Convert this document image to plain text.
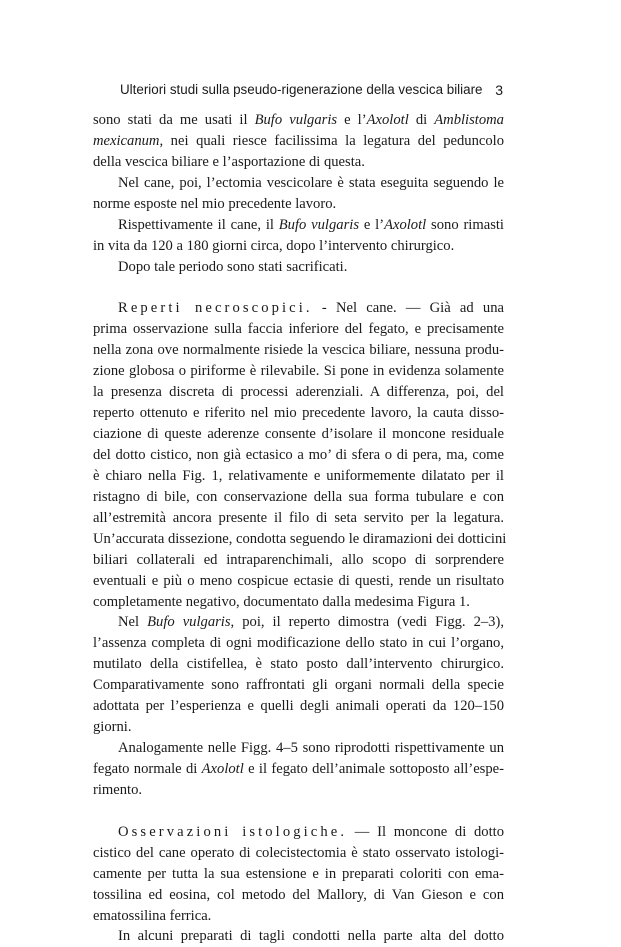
Ulteriori studi sulla pseudo-rigenerazione della vescica biliare 3
sono stati da me usati il Bufo vulgaris e l’Axolotl di Amblistoma
mexicanum, nei quali riesce facilissima la legatura del peduncolo
della vescica biliare e l’asportazione di questa.
Nel cane, poi, l’ectomia vescicolare è stata eseguita seguendo le
norme esposte nel mio precedente lavoro.
Rispettivamente il cane, il Bufo vulgaris e l’Axolotl sono rimasti
in vita da 120 a 180 giorni circa, dopo l’intervento chirurgico.
Dopo tale periodo sono stati sacrificati.
Reperti necroscopici. - Nel cane. — Già ad una
prima osservazione sulla faccia inferiore del fegato, e precisamente
nella zona ove normalmente risiede la vescica biliare, nessuna produ-
zione globosa o piriforme è rilevabile. Si pone in evidenza solamente
la presenza discreta di processi aderenziali. A differenza, poi, del
reperto ottenuto e riferito nel mio precedente lavoro, la cauta disso-
ciazione di queste aderenze consente d’isolare il moncone residuale
del dotto cistico, non già ectasico a mo’ di sfera o di pera, ma, come
è chiaro nella Fig. 1, relativamente e uniformemente dilatato per il
ristagno di bile, con conservazione della sua forma tubulare e con
all’estremità ancora presente il filo di seta servito per la legatura.
Un’accurata dissezione, condotta seguendo le diramazioni dei dotticini
biliari collaterali ed intraparenchimali, allo scopo di sorprendere
eventuali e più o meno cospicue ectasie di questi, rende un risultato
completamente negativo, documentato dalla medesima Figura 1.
Nel Bufo vulgaris, poi, il reperto dimostra (vedi Figg. 2–3),
l’assenza completa di ogni modificazione dello stato in cui l’organo,
mutilato della cistifellea, è stato posto dall’intervento chirurgico.
Comparativamente sono raffrontati gli organi normali della specie
adottata per l’esperienza e quelli degli animali operati da 120–150
giorni.
Analogamente nelle Figg. 4–5 sono riprodotti rispettivamente un
fegato normale di Axolotl e il fegato dell’animale sottoposto all’espe-
rimento.
Osservazioni istologiche. — Il moncone di dotto
cistico del cane operato di colecistectomia è stato osservato istologi-
camente per tutta la sua estensione e in preparati coloriti con ema-
tossilina ed eosina, col metodo del Mallory, di Van Gieson e con
ematossilina ferrica.
In alcuni preparati di tagli condotti nella parte alta del dotto
